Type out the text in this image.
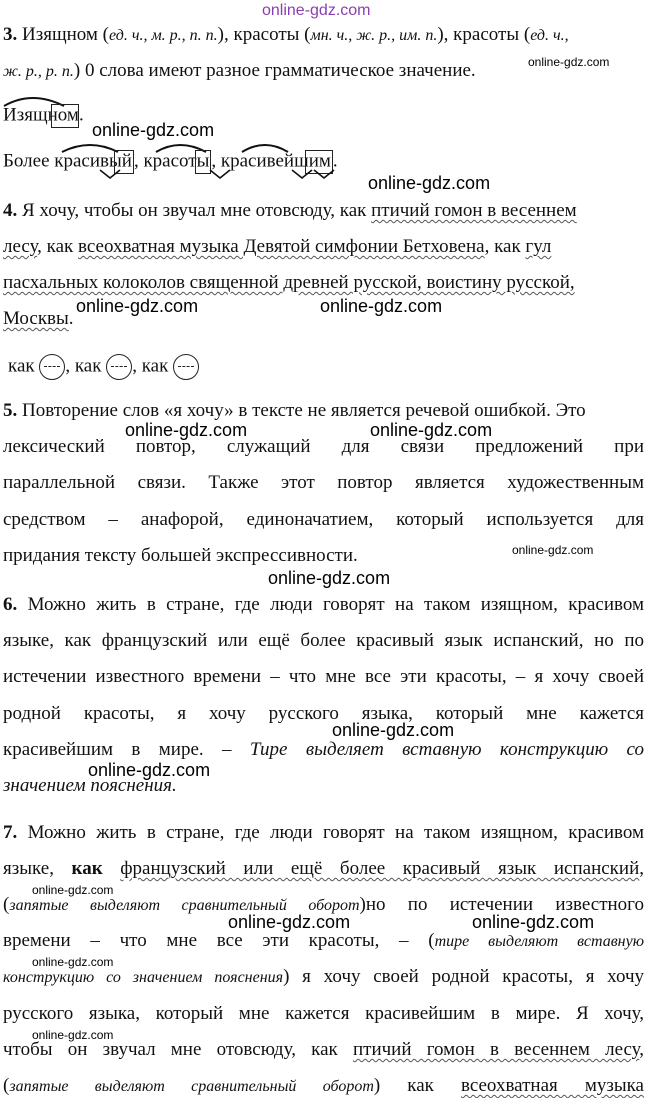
online-gdz.com
3. Изящном (ед. ч., м. р., п. п.), красоты (мн. ч., ж. р., им. п.), красоты (ед. ч.,
ж. р., р. п.) 0 слова имеют разное грамматическое значение.	online-gdz.com
Изящном.
online-gdz.com
Более красивый , красоты , красивейшим .
online-gdz.com
4. Я хочу, чтобы он звучал мне отовсюду, как птичий гомон в весеннем
лесу, как всеохватная музыка Девятой симфонии Бетховена, как гул
пасхальных колоколов священной древней русской, воистину русской,
online-gdz.com	online-gdz.com
Москвы.
как , как , как
5. Повторение слов «я хочу» в тексте не является речевой ошибкой. Это
online-gdz.com	online-gdz.com
лексический повтор, служащий для связи предложений при
параллельной связи. Также этот повтор является художественным
средством – анафорой, единоначатием, который используется для
придания тексту большей экспрессивности.	online-gdz.com
online-gdz.com
6. Можно жить в стране, где люди говорят на таком изящном, красивом
языке, как французский или ещё более красивый язык испанский, но по
истечении известного времени – что мне все эти красоты, – я хочу своей
родной красоты, я хочу русского языка, который мне кажется
online-gdz.com
красивейшим в мире. – Тире выделяет вставную конструкцию со
online-gdz.com
значением пояснения.
7. Можно жить в стране, где люди говорят на таком изящном, красивом
языке, как французский или ещё более красивый язык испанский,
online-gdz.com
(запятые выделяют сравнительный оборот)но по истечении известного
online-gdz.com	online-gdz.com
времени – что мне все эти красоты, – (тире выделяют вставную
online-gdz.com
конструкцию со значением пояснения) я хочу своей родной красоты, я хочу
русского языка, который мне кажется красивейшим в мире. Я хочу,
online-gdz.com
чтобы он звучал мне отовсюду, как птичий гомон в весеннем лесу,
(запятые выделяют сравнительный оборот) как всеохватная музыка
